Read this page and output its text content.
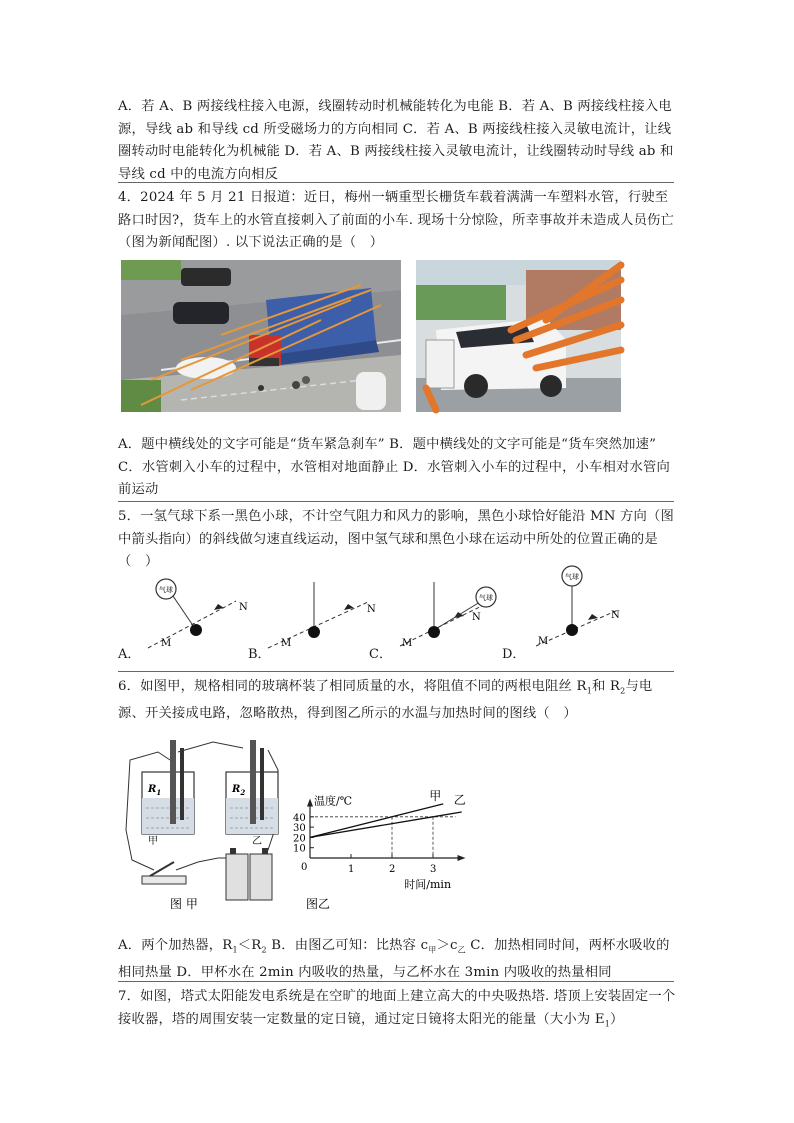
A．若 A、B 两接线柱接入电源，线圈转动时机械能转化为电能 B．若 A、B 两接线柱接入电源，导线 ab 和导线 cd 所受磁场力的方向相同 C．若 A、B 两接线柱接入灵敏电流计，让线圈转动时电能转化为机械能 D．若 A、B 两接线柱接入灵敏电流计，让线圈转动时导线 ab 和导线 cd 中的电流方向相反
4．2024 年 5 月 21 日报道：近日，梅州一辆重型长栅货车载着满满一车塑料水管，行驶至路口时因?，货车上的水管直接刺入了前面的小车. 现场十分惊险，所幸事故并未造成人员伤亡（图为新闻配图）. 以下说法正确的是（　）
A．题中横线处的文字可能是“货车紧急刹车” B．题中横线处的文字可能是“货车突然加速” C．水管刺入小车的过程中，水管相对地面静止 D．水管刺入小车的过程中，小车相对水管向前运动
5．一氢气球下系一黑色小球，不计空气阻力和风力的影响，黑色小球恰好能沿 MN 方向（图中箭头指向）的斜线做匀速直线运动，图中氢气球和黑色小球在运动中所处的位置正确的是（　）
M
N
气球
M
N
M
N
气球
M
N
气球
A．	B．	C．	D．
6．如图甲，规格相同的玻璃杯装了相同质量的水，将阻值不同的两根电阻丝 $R_1$和 $R_2$与电源、开关接成电路，忽略散热，得到图乙所示的水温与加热时间的图线（　）
$R_1$
甲
$R_2$
乙
图 甲
温度/℃
时间/min
0
10
20
30
40
1	2	3
甲 乙
图乙
A．两个加热器，$R_1<R_2$ B．由图乙可知：比热容 $c_甲>c_乙$ C．加热相同时间，两杯水吸收的相同热量 D．甲杯水在 2min 内吸收的热量，与乙杯水在 3min 内吸收的热量相同
7．如图，塔式太阳能发电系统是在空旷的地面上建立高大的中央吸热塔. 塔顶上安装固定一个接收器，塔的周围安装一定数量的定日镜，通过定日镜将太阳光的能量（大小为 $E_1$）
